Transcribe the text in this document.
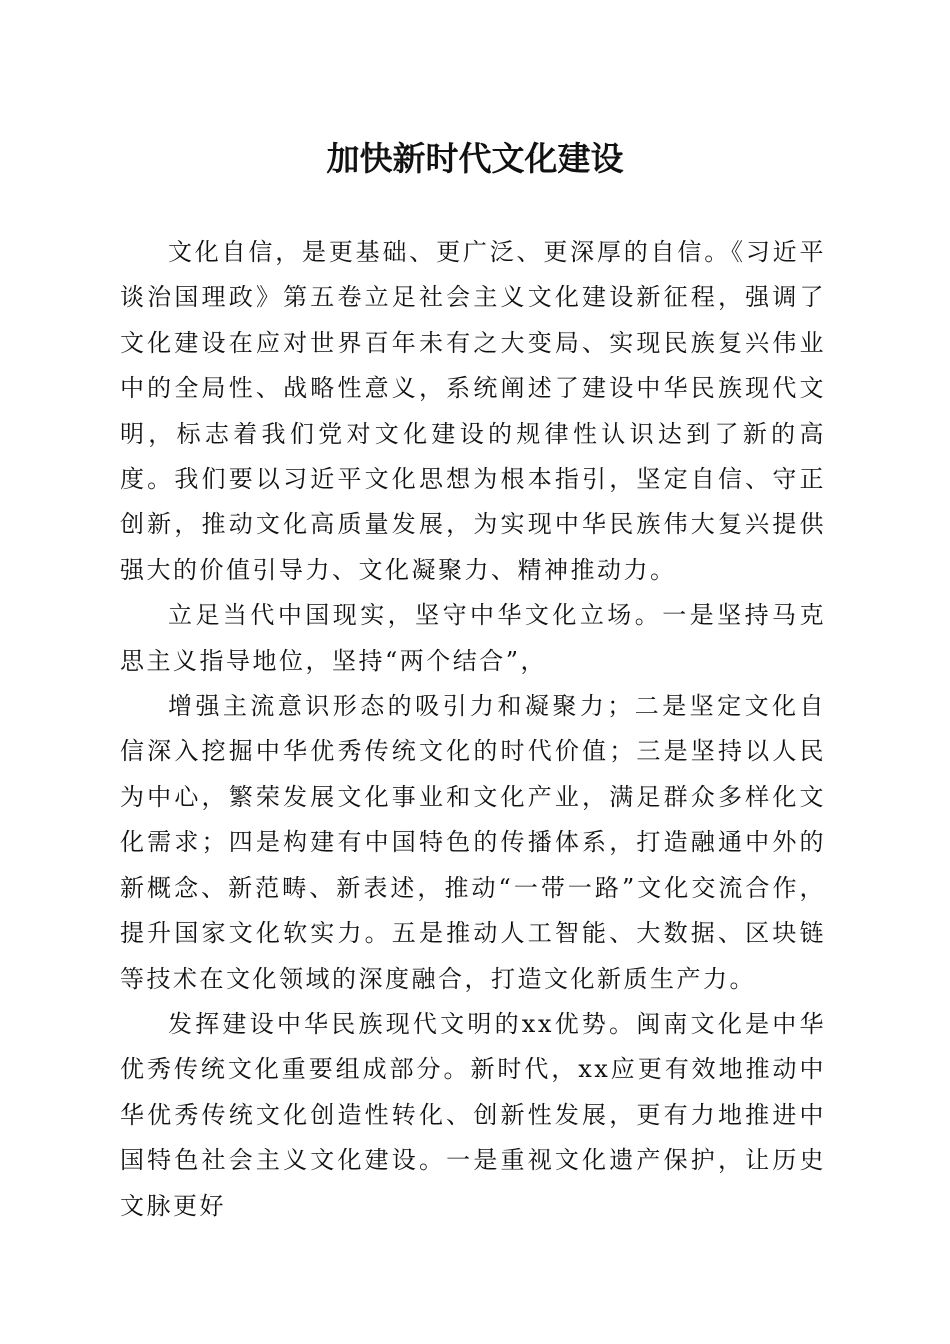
加快新时代文化建设

文化自信，是更基础、更广泛、更深厚的自信。《习近平谈治国理政》第五卷立足社会主义文化建设新征程，强调了文化建设在应对世界百年未有之大变局、实现民族复兴伟业中的全局性、战略性意义，系统阐述了建设中华民族现代文明，标志着我们党对文化建设的规律性认识达到了新的高度。我们要以习近平文化思想为根本指引，坚定自信、守正创新，推动文化高质量发展，为实现中华民族伟大复兴提供强大的价值引导力、文化凝聚力、精神推动力。

立足当代中国现实，坚守中华文化立场。一是坚持马克思主义指导地位，坚持“两个结合”，

增强主流意识形态的吸引力和凝聚力；二是坚定文化自信深入挖掘中华优秀传统文化的时代价值；三是坚持以人民为中心，繁荣发展文化事业和文化产业，满足群众多样化文化需求；四是构建有中国特色的传播体系，打造融通中外的新概念、新范畴、新表述，推动“一带一路”文化交流合作，提升国家文化软实力。五是推动人工智能、大数据、区块链等技术在文化领域的深度融合，打造文化新质生产力。

发挥建设中华民族现代文明的xx优势。闽南文化是中华优秀传统文化重要组成部分。新时代，xx应更有效地推动中华优秀传统文化创造性转化、创新性发展，更有力地推进中国特色社会主义文化建设。一是重视文化遗产保护，让历史文脉更好
